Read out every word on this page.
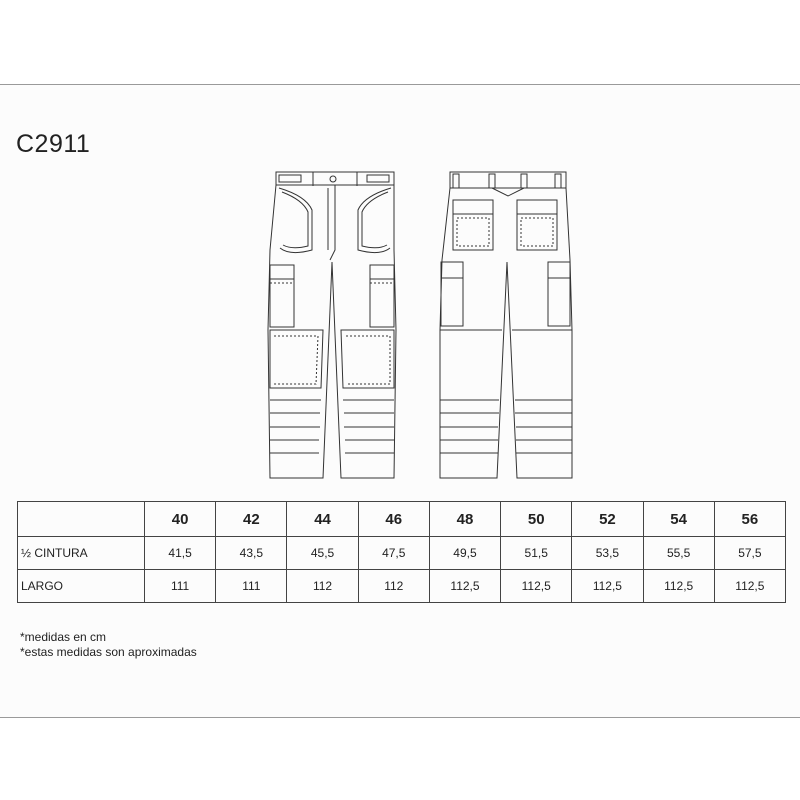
C2911
	40	42	44	46	48	50	52	54	56
½ CINTURA	41,5	43,5	45,5	47,5	49,5	51,5	53,5	55,5	57,5
LARGO	111	111	112	112	112,5	112,5	112,5	112,5	112,5
*medidas en cm
*estas medidas son aproximadas
